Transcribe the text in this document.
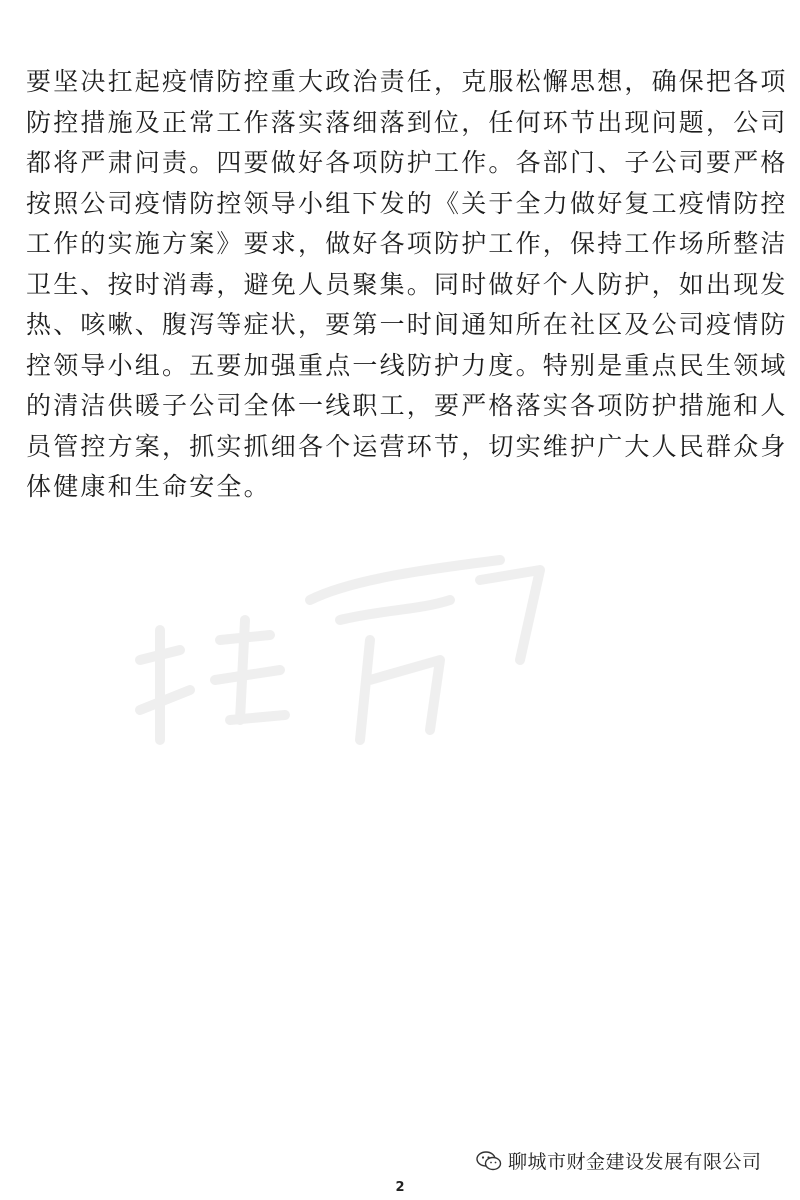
要坚决扛起疫情防控重大政治责任，克服松懈思想，确保把各项
防控措施及正常工作落实落细落到位，任何环节出现问题，公司
都将严肃问责。四要做好各项防护工作。各部门、子公司要严格
按照公司疫情防控领导小组下发的《关于全力做好复工疫情防控
工作的实施方案》要求，做好各项防护工作，保持工作场所整洁
卫生、按时消毒，避免人员聚集。同时做好个人防护，如出现发
热、咳嗽、腹泻等症状，要第一时间通知所在社区及公司疫情防
控领导小组。五要加强重点一线防护力度。特别是重点民生领域
的清洁供暖子公司全体一线职工，要严格落实各项防护措施和人
员管控方案，抓实抓细各个运营环节，切实维护广大人民群众身
体健康和生命安全。
聊城市财金建设发展有限公司
2
